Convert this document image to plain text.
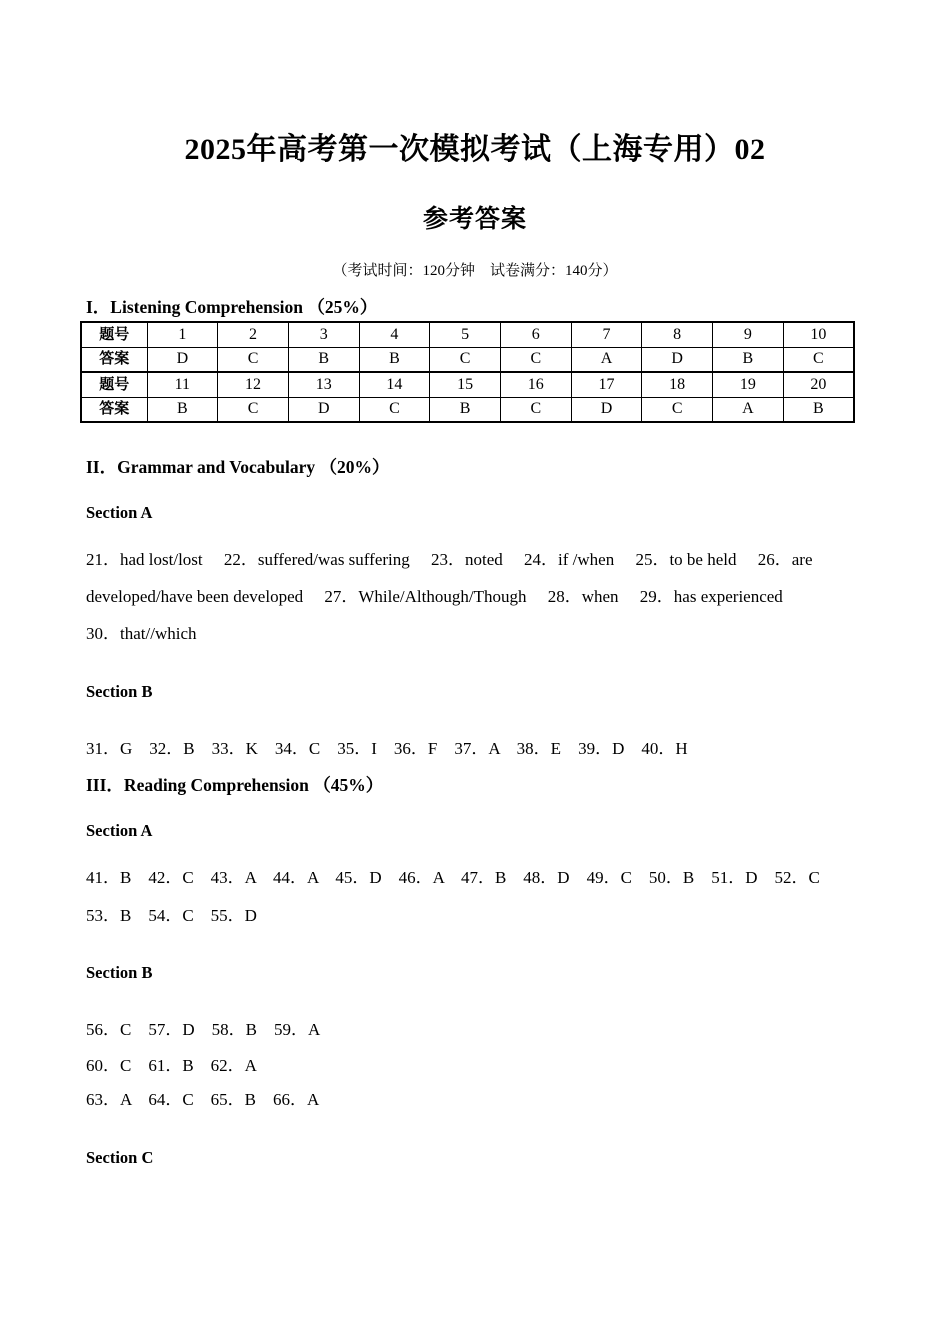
2025年高考第一次模拟考试（上海专用）02
参考答案
（考试时间：120分钟　试卷满分：140分）
I．Listening Comprehension （25%）
题号	1	2	3	4	5	6	7	8	9	10
答案	D	C	B	B	C	C	A	D	B	C
题号	11	12	13	14	15	16	17	18	19	20
答案	B	C	D	C	B	C	D	C	A	B
II．Grammar and Vocabulary （20%）
Section A
21．had lost/lost　 22．suffered/was suffering 　23．noted　 24．if /when 　25．to be held　 26．are
developed/have been developed　 27．While/Although/Though　 28．when　 29．has experienced
30．that//which
Section B
31．G　32．B　33．K　34．C　35．I　36．F　37．A　38．E　39．D　40．H
III．Reading Comprehension （45%）
Section A
41．B　42．C　43．A　44．A　45．D　46．A　47．B　48．D　49．C　50．B　51．D　52．C
53．B　54．C　55．D
Section B
56．C　57．D　58．B　59．A
60．C　61．B　62．A
63．A　64．C　65．B　66．A
Section C
